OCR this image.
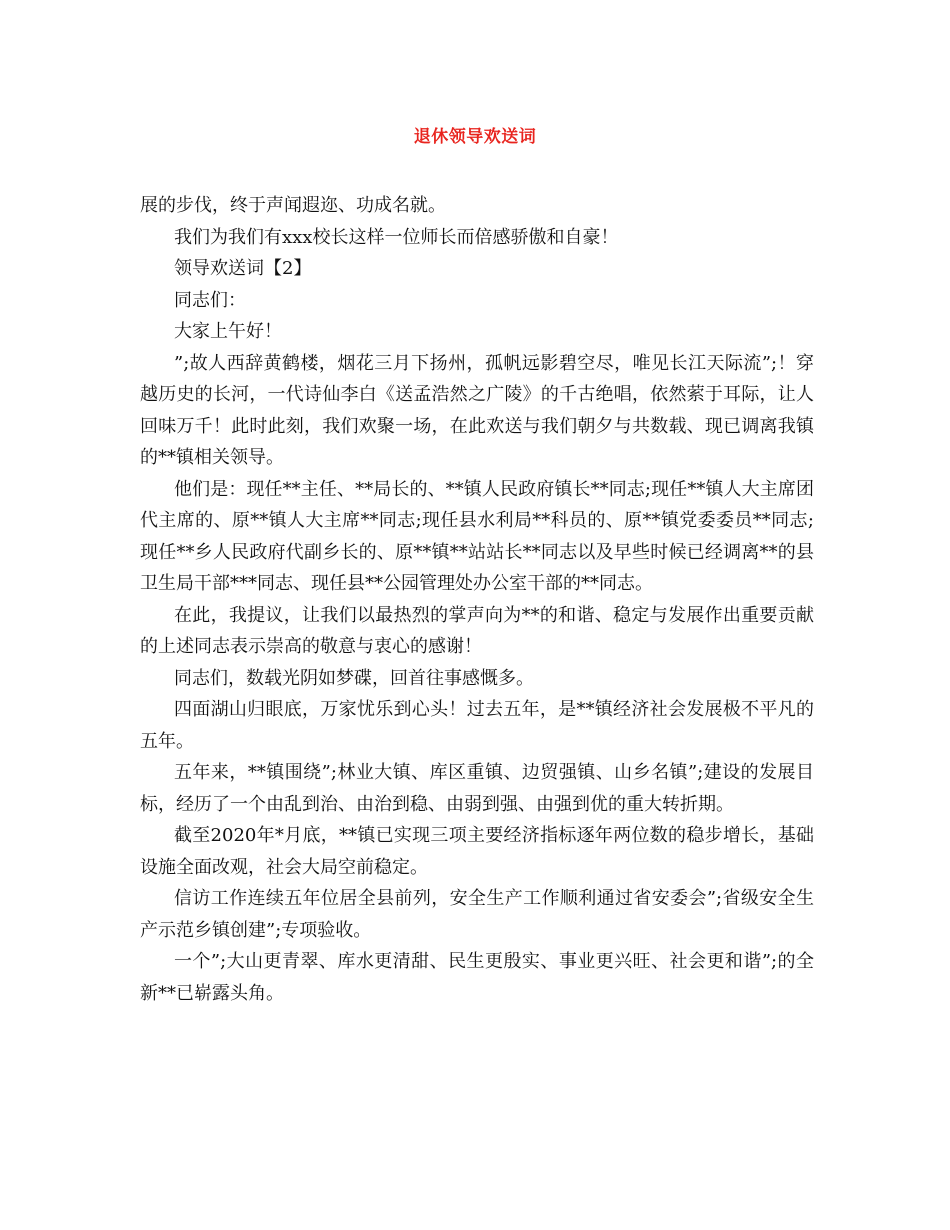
退休领导欢送词

展的步伐，终于声闻遐迩、功成名就。

我们为我们有xxx校长这样一位师长而倍感骄傲和自豪！

领导欢送词【2】

同志们：

大家上午好！

”;故人西辞黄鹤楼，烟花三月下扬州，孤帆远影碧空尽，唯见长江天际流”;！穿越历史的长河，一代诗仙李白《送孟浩然之广陵》的千古绝唱，依然萦于耳际，让人回味万千！此时此刻，我们欢聚一场，在此欢送与我们朝夕与共数载、现已调离我镇的**镇相关领导。

他们是：现任**主任、**局长的、**镇人民政府镇长**同志;现任**镇人大主席团代主席的、原**镇人大主席**同志;现任县水利局**科员的、原**镇党委委员**同志;现任**乡人民政府代副乡长的、原**镇**站站长**同志以及早些时候已经调离**的县卫生局干部***同志、现任县**公园管理处办公室干部的**同志。

在此，我提议，让我们以最热烈的掌声向为**的和谐、稳定与发展作出重要贡献的上述同志表示崇高的敬意与衷心的感谢！

同志们，数载光阴如梦碟，回首往事感慨多。

四面湖山归眼底，万家忧乐到心头！过去五年，是**镇经济社会发展极不平凡的五年。

五年来，**镇围绕”;林业大镇、库区重镇、边贸强镇、山乡名镇”;建设的发展目标，经历了一个由乱到治、由治到稳、由弱到强、由强到优的重大转折期。

截至2020年*月底，**镇已实现三项主要经济指标逐年两位数的稳步增长，基础设施全面改观，社会大局空前稳定。

信访工作连续五年位居全县前列，安全生产工作顺利通过省安委会”;省级安全生产示范乡镇创建”;专项验收。

一个”;大山更青翠、库水更清甜、民生更殷实、事业更兴旺、社会更和谐”;的全新**已崭露头角。
